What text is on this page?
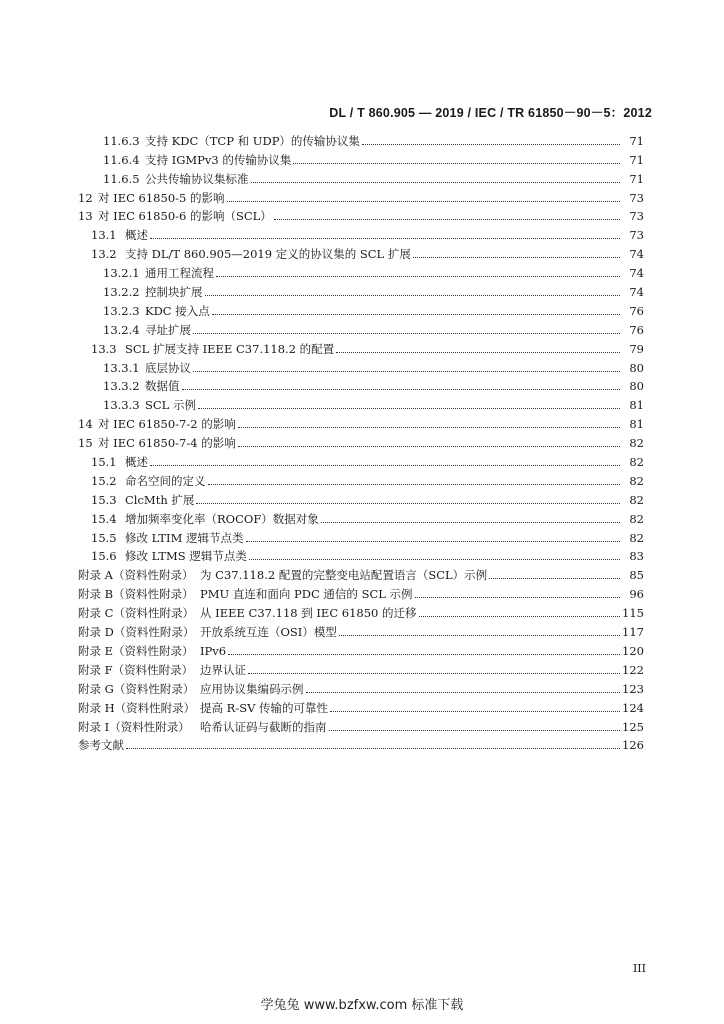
DL / T 860.905 — 2019 / IEC / TR 61850－90－5：2012
11.6.3 支持 KDC（TCP 和 UDP）的传输协议集	71
11.6.4 支持 IGMPv3 的传输协议集	71
11.6.5 公共传输协议集标准	71
12 对 IEC 61850-5 的影响	73
13 对 IEC 61850-6 的影响（SCL）	73
13.1 概述	73
13.2 支持 DL/T 860.905—2019 定义的协议集的 SCL 扩展	74
13.2.1 通用工程流程	74
13.2.2 控制块扩展	74
13.2.3 KDC 接入点	76
13.2.4 寻址扩展	76
13.3 SCL 扩展支持 IEEE C37.118.2 的配置	79
13.3.1 底层协议	80
13.3.2 数据值	80
13.3.3 SCL 示例	81
14 对 IEC 61850-7-2 的影响	81
15 对 IEC 61850-7-4 的影响	82
15.1 概述	82
15.2 命名空间的定义	82
15.3 ClcMth 扩展	82
15.4 增加频率变化率（ROCOF）数据对象	82
15.5 修改 LTIM 逻辑节点类	82
15.6 修改 LTMS 逻辑节点类	83
附录 A（资料性附录） 为 C37.118.2 配置的完整变电站配置语言（SCL）示例	85
附录 B（资料性附录） PMU 直连和面向 PDC 通信的 SCL 示例	96
附录 C（资料性附录） 从 IEEE C37.118 到 IEC 61850 的迁移	115
附录 D（资料性附录） 开放系统互连（OSI）模型	117
附录 E（资料性附录） IPv6	120
附录 F（资料性附录） 边界认证	122
附录 G（资料性附录） 应用协议集编码示例	123
附录 H（资料性附录） 提高 R-SV 传输的可靠性	124
附录 I（资料性附录） 哈希认证码与截断的指南	125
参考文献	126
III
学兔兔 www.bzfxw.com 标准下载
